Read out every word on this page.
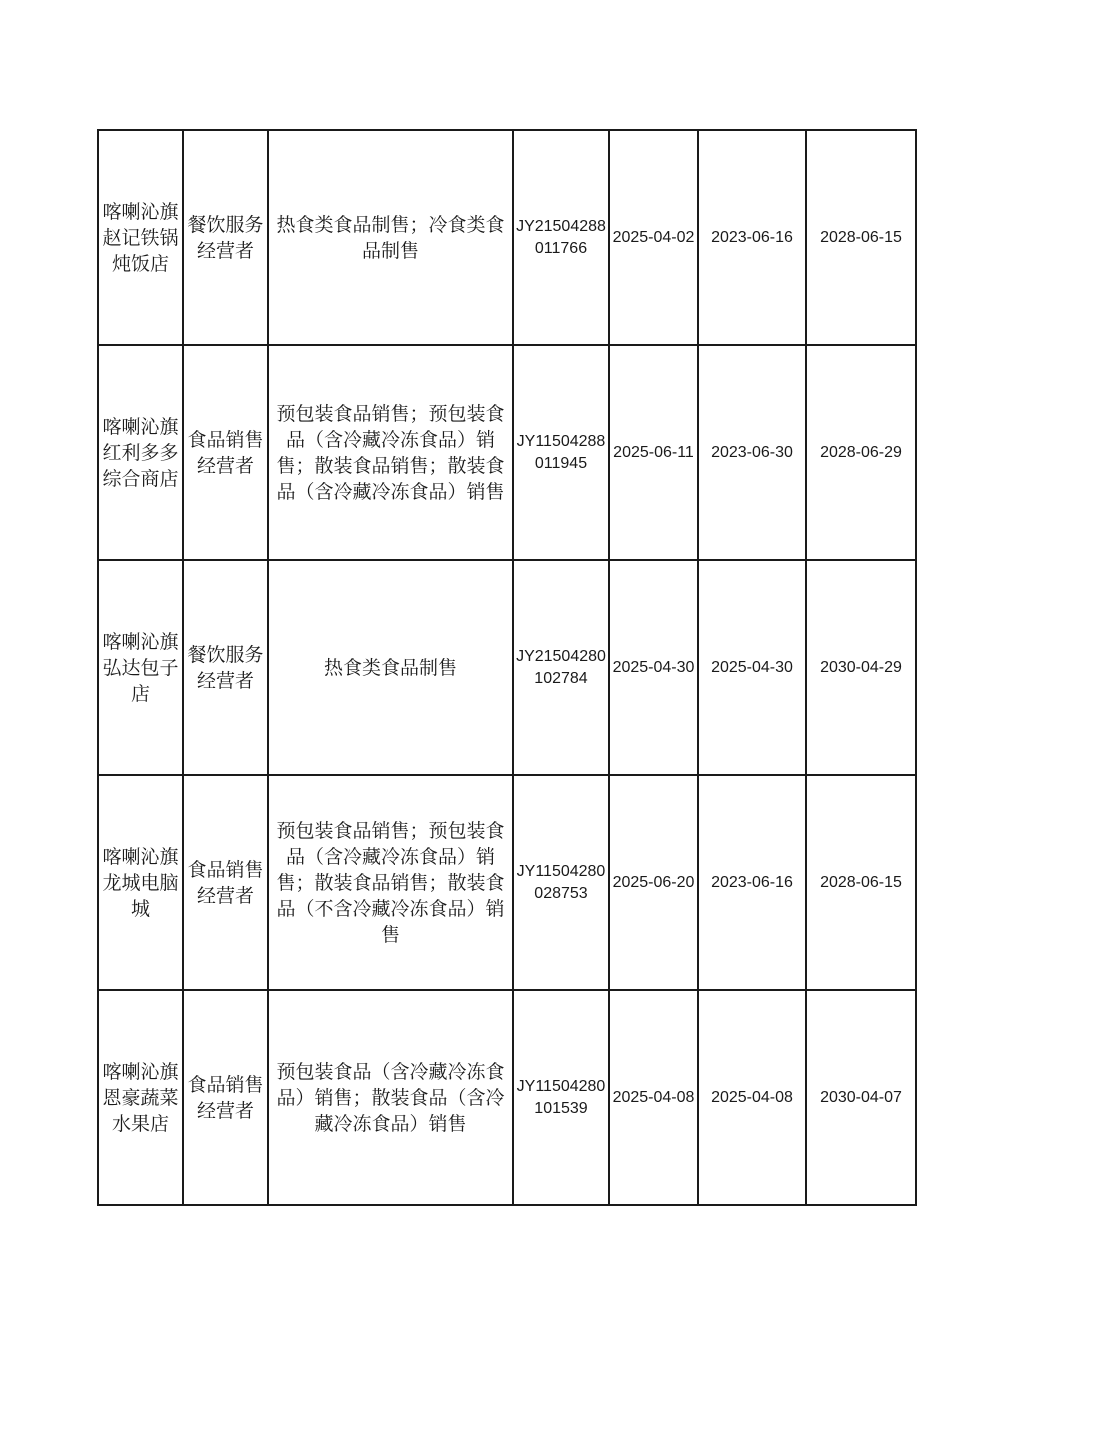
喀喇沁旗赵记铁锅炖饭店	餐饮服务经营者	热食类食品制售；冷食类食品制售	JY21504288011766	2025-04-02	2023-06-16	2028-06-15
喀喇沁旗红利多多综合商店	食品销售经营者	预包装食品销售；预包装食品（含冷藏冷冻食品）销售；散装食品销售；散装食品（含冷藏冷冻食品）销售	JY11504288011945	2025-06-11	2023-06-30	2028-06-29
喀喇沁旗弘达包子店	餐饮服务经营者	热食类食品制售	JY21504280102784	2025-04-30	2025-04-30	2030-04-29
喀喇沁旗龙城电脑城	食品销售经营者	预包装食品销售；预包装食品（含冷藏冷冻食品）销售；散装食品销售；散装食品（不含冷藏冷冻食品）销售	JY11504280028753	2025-06-20	2023-06-16	2028-06-15
喀喇沁旗恩豪蔬菜水果店	食品销售经营者	预包装食品（含冷藏冷冻食品）销售；散装食品（含冷藏冷冻食品）销售	JY11504280101539	2025-04-08	2025-04-08	2030-04-07
